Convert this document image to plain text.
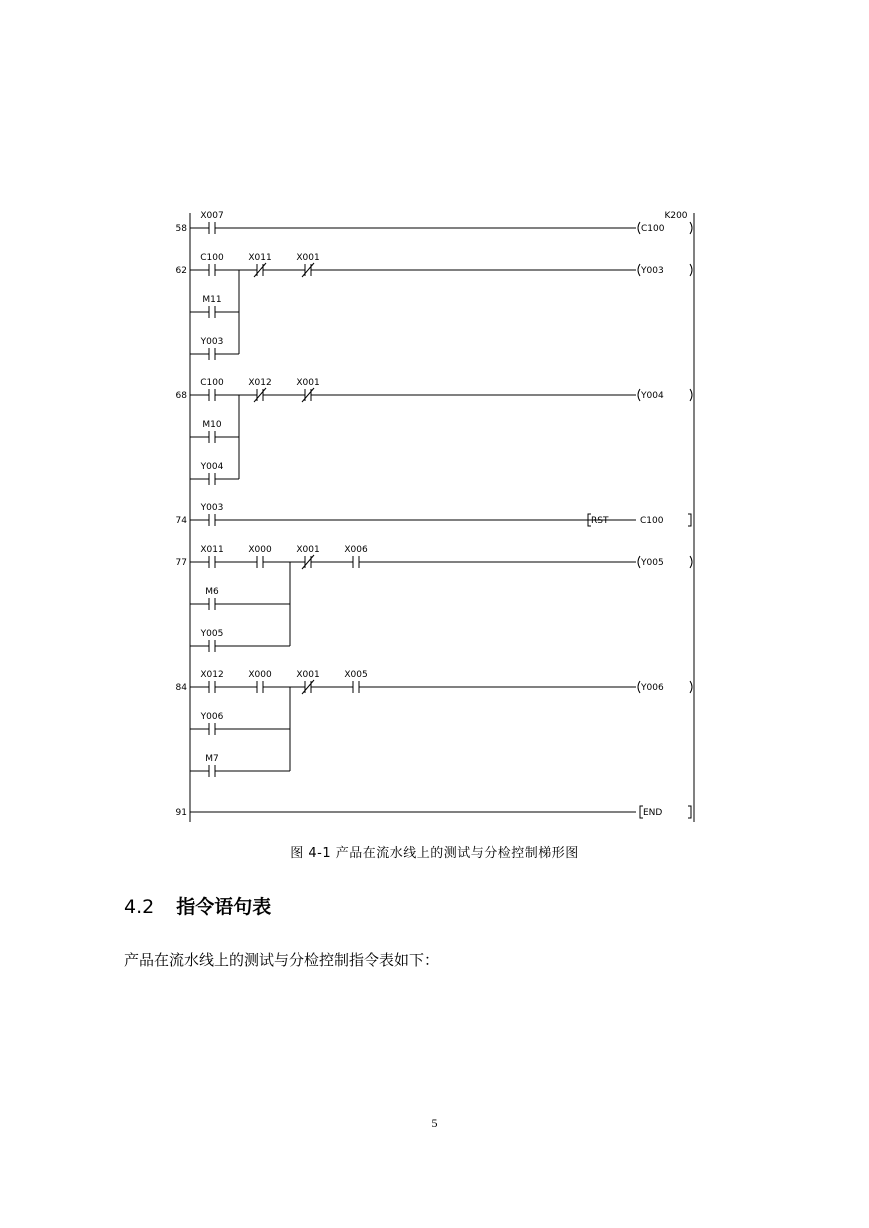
58
X007
C100
K200
62
C100	X011	X001
M11
Y003
Y003
68
C100	X012	X001
M10
Y004
Y004
74
Y003
RST	C100
77
X011	X000	X001	X006
M6
Y005
Y005
84
X012	X000	X001	X005
Y006
M7
Y006
91	END
图 4-1 产品在流水线上的测试与分检控制梯形图
4.2 指令语句表
产品在流水线上的测试与分检控制指令表如下：
5
